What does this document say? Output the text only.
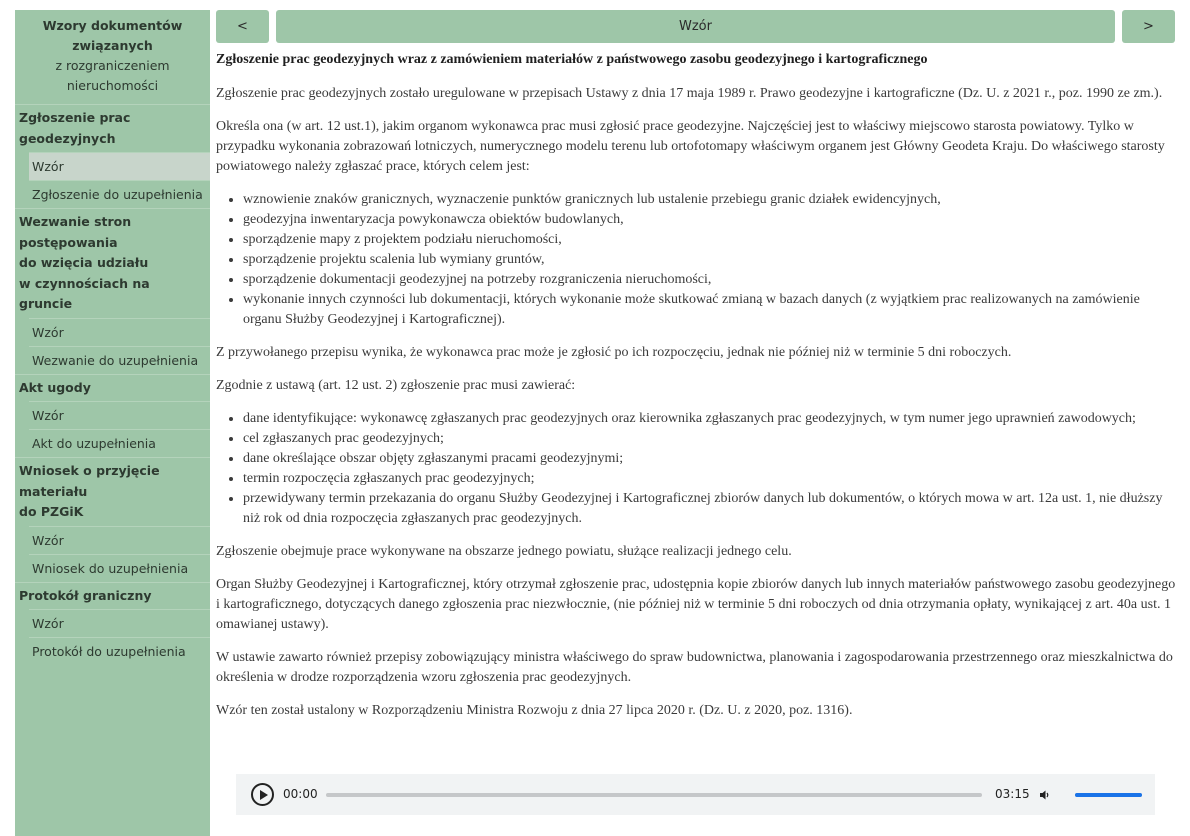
Wzory dokumentów związanych
z rozgraniczeniem
nieruchomości
Zgłoszenie prac geodezyjnych
Wzór
Zgłoszenie do uzupełnienia
Wezwanie stron postępowania
do wzięcia udziału
w czynnościach na gruncie
Wzór
Wezwanie do uzupełnienia
Akt ugody
Wzór
Akt do uzupełnienia
Wniosek o przyjęcie materiału
do PZGiK
Wzór
Wniosek do uzupełnienia
Protokół graniczny
Wzór
Protokół do uzupełnienia
<	Wzór	>
Zgłoszenie prac geodezyjnych wraz z zamówieniem materiałów z państwowego zasobu geodezyjnego i kartograficznego

Zgłoszenie prac geodezyjnych zostało uregulowane w przepisach Ustawy z dnia 17 maja 1989 r. Prawo geodezyjne i kartograficzne (Dz. U. z 2021 r., poz. 1990 ze zm.).

Określa ona (w art. 12 ust.1), jakim organom wykonawca prac musi zgłosić prace geodezyjne. Najczęściej jest to właściwy miejscowo starosta powiatowy. Tylko w przypadku wykonania zobrazowań lotniczych, numerycznego modelu terenu lub ortofotomapy właściwym organem jest Główny Geodeta Kraju. Do właściwego starosty powiatowego należy zgłaszać prace, których celem jest:

• wznowienie znaków granicznych, wyznaczenie punktów granicznych lub ustalenie przebiegu granic działek ewidencyjnych,
• geodezyjna inwentaryzacja powykonawcza obiektów budowlanych,
• sporządzenie mapy z projektem podziału nieruchomości,
• sporządzenie projektu scalenia lub wymiany gruntów,
• sporządzenie dokumentacji geodezyjnej na potrzeby rozgraniczenia nieruchomości,
• wykonanie innych czynności lub dokumentacji, których wykonanie może skutkować zmianą w bazach danych (z wyjątkiem prac realizowanych na zamówienie organu Służby Geodezyjnej i Kartograficznej).

Z przywołanego przepisu wynika, że wykonawca prac może je zgłosić po ich rozpoczęciu, jednak nie później niż w terminie 5 dni roboczych.

Zgodnie z ustawą (art. 12 ust. 2) zgłoszenie prac musi zawierać:

• dane identyfikujące: wykonawcę zgłaszanych prac geodezyjnych oraz kierownika zgłaszanych prac geodezyjnych, w tym numer jego uprawnień zawodowych;
• cel zgłaszanych prac geodezyjnych;
• dane określające obszar objęty zgłaszanymi pracami geodezyjnymi;
• termin rozpoczęcia zgłaszanych prac geodezyjnych;
• przewidywany termin przekazania do organu Służby Geodezyjnej i Kartograficznej zbiorów danych lub dokumentów, o których mowa w art. 12a ust. 1, nie dłuższy niż rok od dnia rozpoczęcia zgłaszanych prac geodezyjnych.

Zgłoszenie obejmuje prace wykonywane na obszarze jednego powiatu, służące realizacji jednego celu.

Organ Służby Geodezyjnej i Kartograficznej, który otrzymał zgłoszenie prac, udostępnia kopie zbiorów danych lub innych materiałów państwowego zasobu geodezyjnego i kartograficznego, dotyczących danego zgłoszenia prac niezwłocznie, (nie później niż w terminie 5 dni roboczych od dnia otrzymania opłaty, wynikającej z art. 40a ust. 1 omawianej ustawy).

W ustawie zawarto również przepisy zobowiązujący ministra właściwego do spraw budownictwa, planowania i zagospodarowania przestrzennego oraz mieszkalnictwa do określenia w drodze rozporządzenia wzoru zgłoszenia prac geodezyjnych.

Wzór ten został ustalony w Rozporządzeniu Ministra Rozwoju z dnia 27 lipca 2020 r. (Dz. U. z 2020, poz. 1316).

00:00	03:15
